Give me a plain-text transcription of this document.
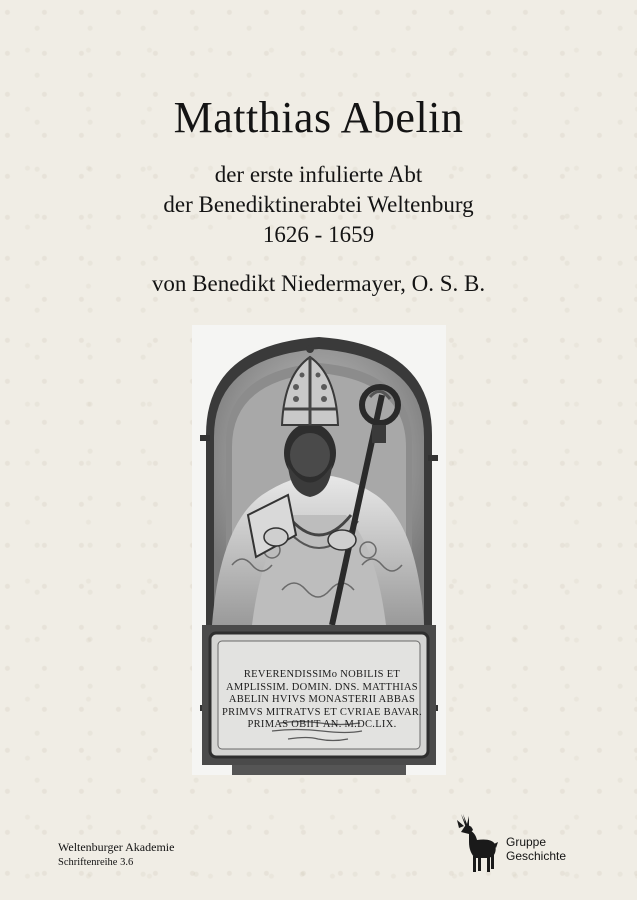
Matthias Abelin
der erste infulierte Abt
der Benediktinerabtei Weltenburg
1626 - 1659
von Benedikt Niedermayer, O. S. B.
REVERENDISSIMo NOBILIS ET
AMPLISSIM. DOMIN. DNS. MATTHIAS
ABELIN HVIVS MONASTERII ABBAS
PRIMVS MITRATVS ET CVRIAE BAVAR.
PRIMAS OBIIT AN. M.DC.LIX.
Weltenburger Akademie
Schriftenreihe 3.6
Gruppe
Geschichte
